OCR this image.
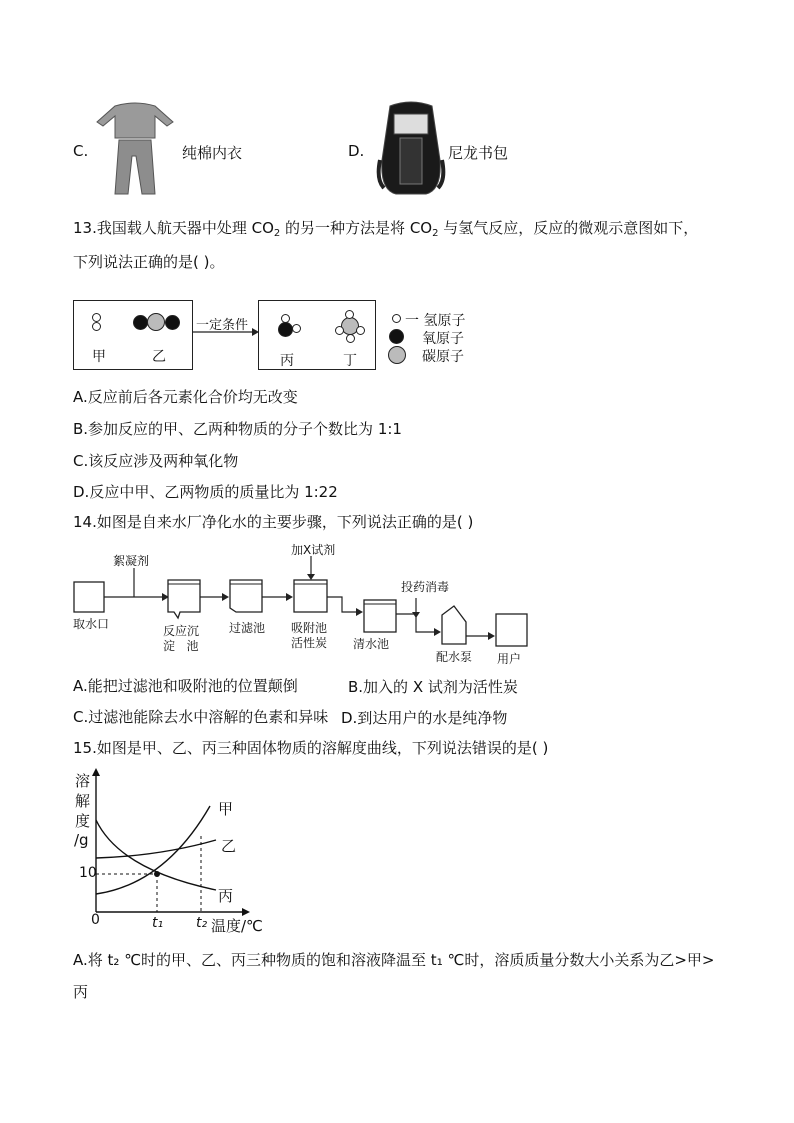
C.	纯棉内衣	D.	尼龙书包
13.我国载人航天器中处理 $CO_2$ 的另一种方法是将 $CO_2$ 与氢气反应，反应的微观示意图如下，
下列说法正确的是( )。
甲	乙
一定条件
丙	丁
一 氢原子
氧原子
碳原子
A.反应前后各元素化合价均无改变
B.参加反应的甲、乙两种物质的分子个数比为 1:1
C.该反应涉及两种氧化物
D.反应中甲、乙两物质的质量比为 1:22
14.如图是自来水厂净化水的主要步骤，下列说法正确的是( )
絮凝剂
加X试剂
投药消毒
取水口	反应沉
淀   池
过滤池 吸附池
活性炭 清水池
配水泵 用户
A.能把过滤池和吸附池的位置颠倒	B.加入的 X 试剂为活性炭
C.过滤池能除去水中溶解的色素和异味 D.到达用户的水是纯净物
15.如图是甲、乙、丙三种固体物质的溶解度曲线，下列说法错误的是( )
溶
解
度
/g
10
0	t₁ t₂ 温度/℃
甲
乙
丙
A.将 t₂ ℃时的甲、乙、丙三种物质的饱和溶液降温至 t₁ ℃时，溶质质量分数大小关系为乙>甲>
丙
